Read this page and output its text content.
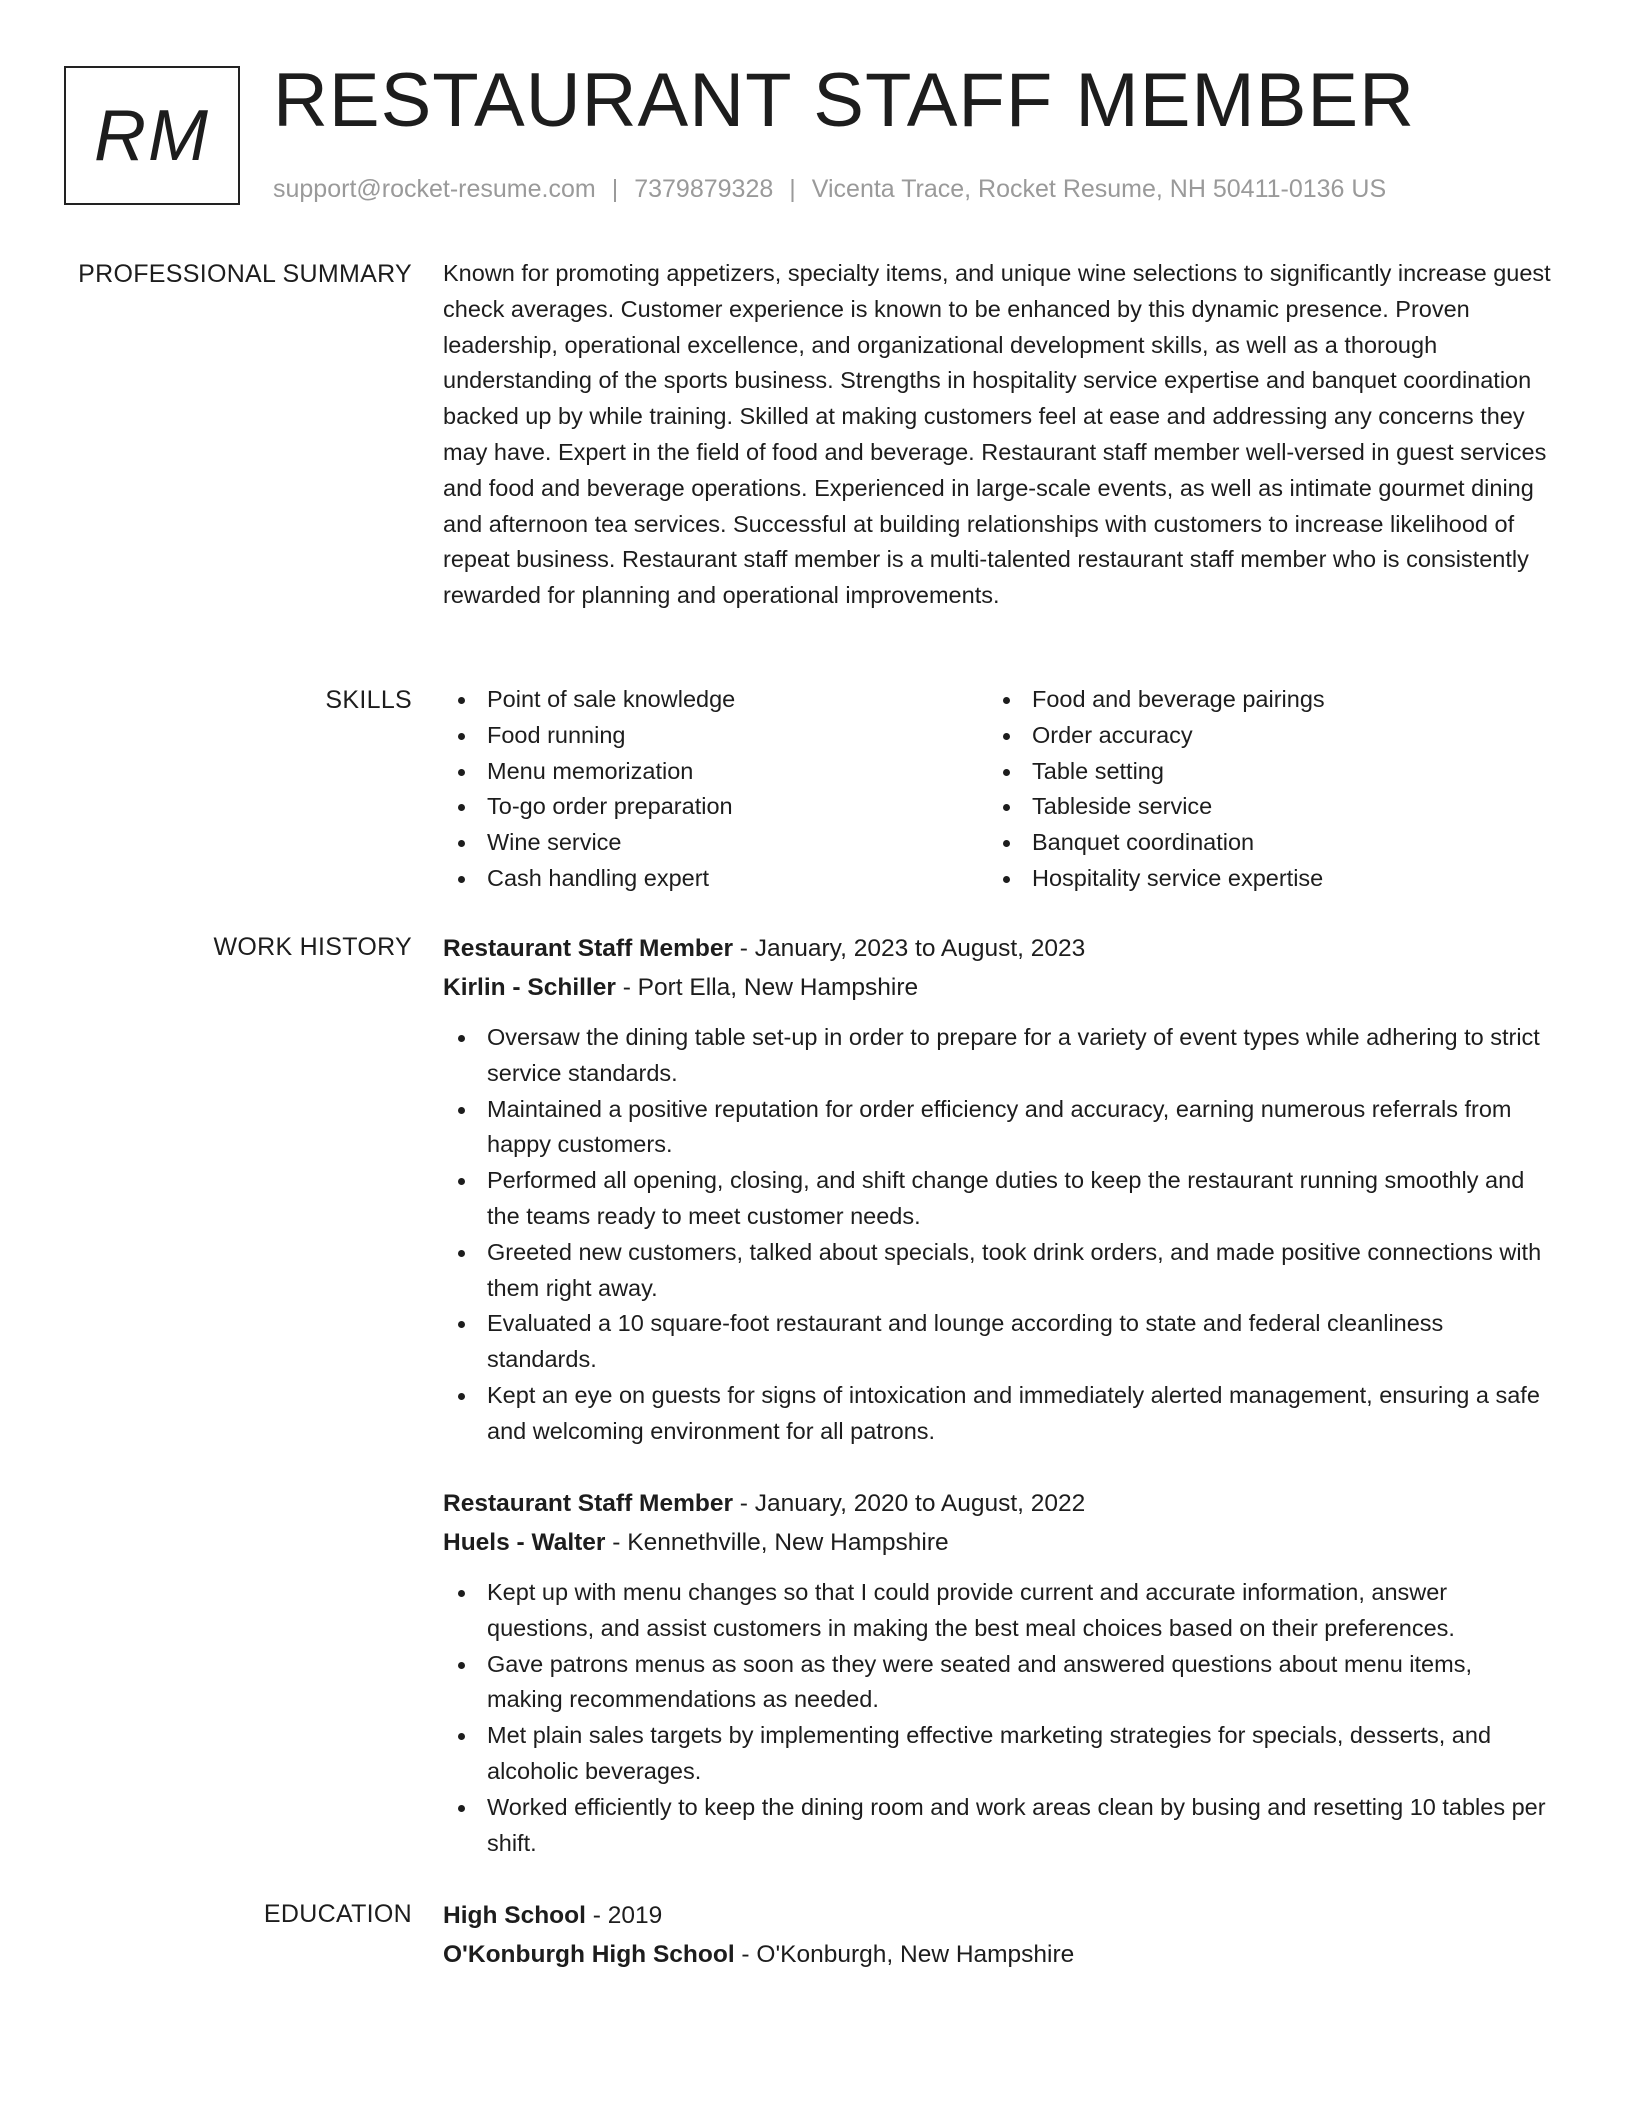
RM RESTAURANT STAFF MEMBER
support@rocket-resume.com | 7379879328 | Vicenta Trace, Rocket Resume, NH 50411-0136 US
PROFESSIONAL SUMMARY Known for promoting appetizers, specialty items, and unique wine selections to significantly increase guest check averages. Customer experience is known to be enhanced by this dynamic presence. Proven leadership, operational excellence, and organizational development skills, as well as a thorough understanding of the sports business. Strengths in hospitality service expertise and banquet coordination backed up by while training. Skilled at making customers feel at ease and addressing any concerns they may have. Expert in the field of food and beverage. Restaurant staff member well-versed in guest services and food and beverage operations. Experienced in large-scale events, as well as intimate gourmet dining and afternoon tea services. Successful at building relationships with customers to increase likelihood of repeat business. Restaurant staff member is a multi-talented restaurant staff member who is consistently rewarded for planning and operational improvements.

SKILLS	Point of sale knowledge
Food running
Menu memorization
To-go order preparation
Wine service
Cash handling expert
Food and beverage pairings
Order accuracy
Table setting
Tableside service
Banquet coordination
Hospitality service expertise
WORK HISTORY Restaurant Staff Member - January, 2023 to August, 2023
Kirlin - Schiller - Port Ella, New Hampshire
Oversaw the dining table set-up in order to prepare for a variety of event types while adhering to strict service standards.
Maintained a positive reputation for order efficiency and accuracy, earning numerous referrals from happy customers.
Performed all opening, closing, and shift change duties to keep the restaurant running smoothly and the teams ready to meet customer needs.
Greeted new customers, talked about specials, took drink orders, and made positive connections with them right away.
Evaluated a 10 square-foot restaurant and lounge according to state and federal cleanliness standards.
Kept an eye on guests for signs of intoxication and immediately alerted management, ensuring a safe and welcoming environment for all patrons.
Restaurant Staff Member - January, 2020 to August, 2022
Huels - Walter - Kennethville, New Hampshire
Kept up with menu changes so that I could provide current and accurate information, answer questions, and assist customers in making the best meal choices based on their preferences.
Gave patrons menus as soon as they were seated and answered questions about menu items, making recommendations as needed.
Met plain sales targets by implementing effective marketing strategies for specials, desserts, and alcoholic beverages.
Worked efficiently to keep the dining room and work areas clean by busing and resetting 10 tables per shift.
EDUCATION High School - 2019
O'Konburgh High School - O'Konburgh, New Hampshire
